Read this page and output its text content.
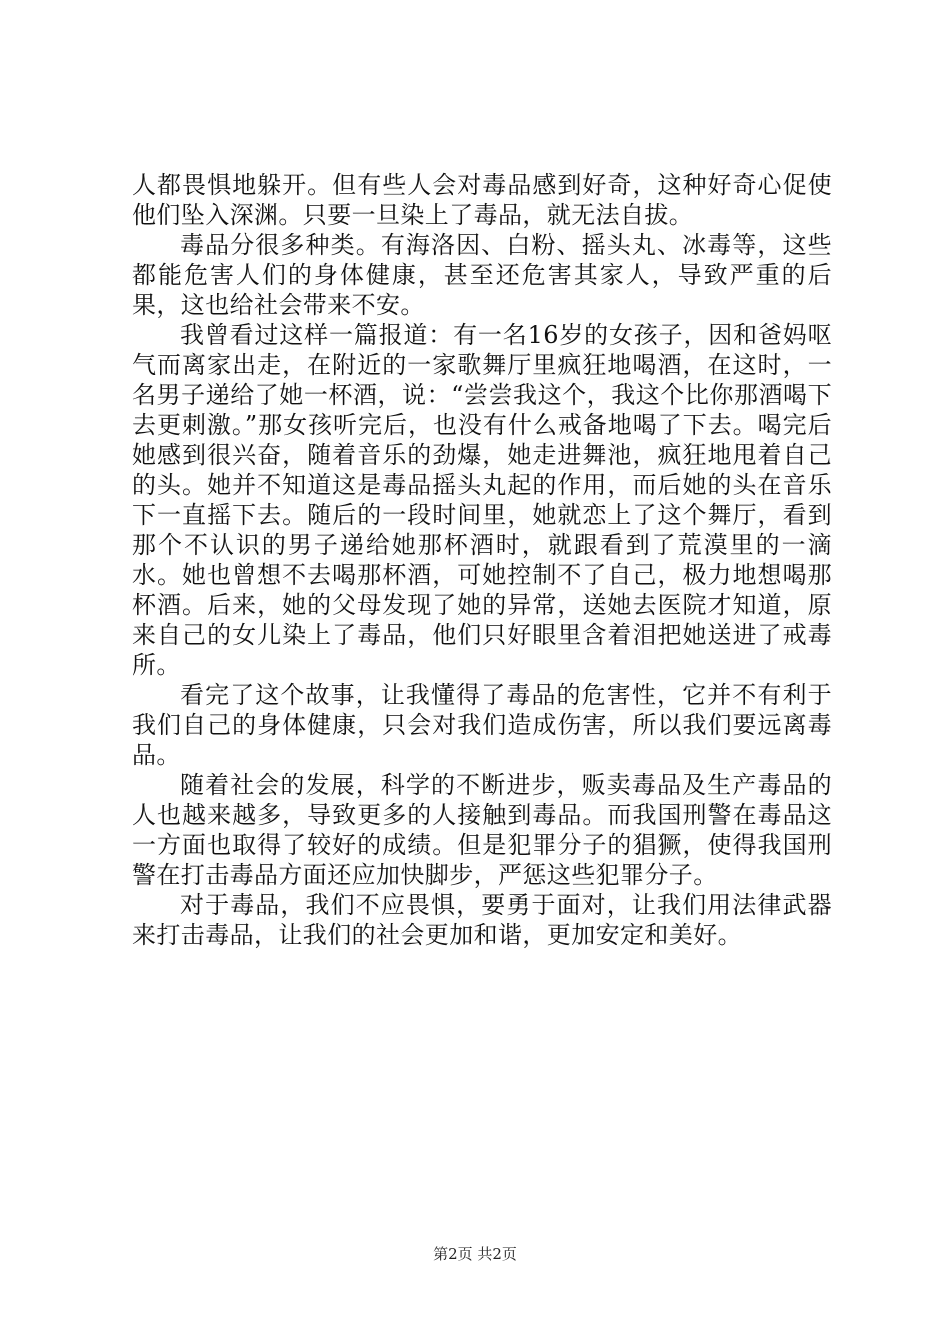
人都畏惧地躲开。但有些人会对毒品感到好奇，这种好奇心促使他们坠入深渊。只要一旦染上了毒品，就无法自拔。

毒品分很多种类。有海洛因、白粉、摇头丸、冰毒等，这些都能危害人们的身体健康，甚至还危害其家人，导致严重的后果，这也给社会带来不安。

我曾看过这样一篇报道：有一名16岁的女孩子，因和爸妈呕气而离家出走，在附近的一家歌舞厅里疯狂地喝酒，在这时，一名男子递给了她一杯酒，说：“尝尝我这个，我这个比你那酒喝下去更刺激。”那女孩听完后，也没有什么戒备地喝了下去。喝完后她感到很兴奋，随着音乐的劲爆，她走进舞池，疯狂地甩着自己的头。她并不知道这是毒品摇头丸起的作用，而后她的头在音乐下一直摇下去。随后的一段时间里，她就恋上了这个舞厅，看到那个不认识的男子递给她那杯酒时，就跟看到了荒漠里的一滴水。她也曾想不去喝那杯酒，可她控制不了自己，极力地想喝那杯酒。后来，她的父母发现了她的异常，送她去医院才知道，原来自己的女儿染上了毒品，他们只好眼里含着泪把她送进了戒毒所。

看完了这个故事，让我懂得了毒品的危害性，它并不有利于我们自己的身体健康，只会对我们造成伤害，所以我们要远离毒品。

随着社会的发展，科学的不断进步，贩卖毒品及生产毒品的人也越来越多，导致更多的人接触到毒品。而我国刑警在毒品这一方面也取得了较好的成绩。但是犯罪分子的猖獗，使得我国刑警在打击毒品方面还应加快脚步，严惩这些犯罪分子。

对于毒品，我们不应畏惧，要勇于面对，让我们用法律武器来打击毒品，让我们的社会更加和谐，更加安定和美好。

第2页 共2页
